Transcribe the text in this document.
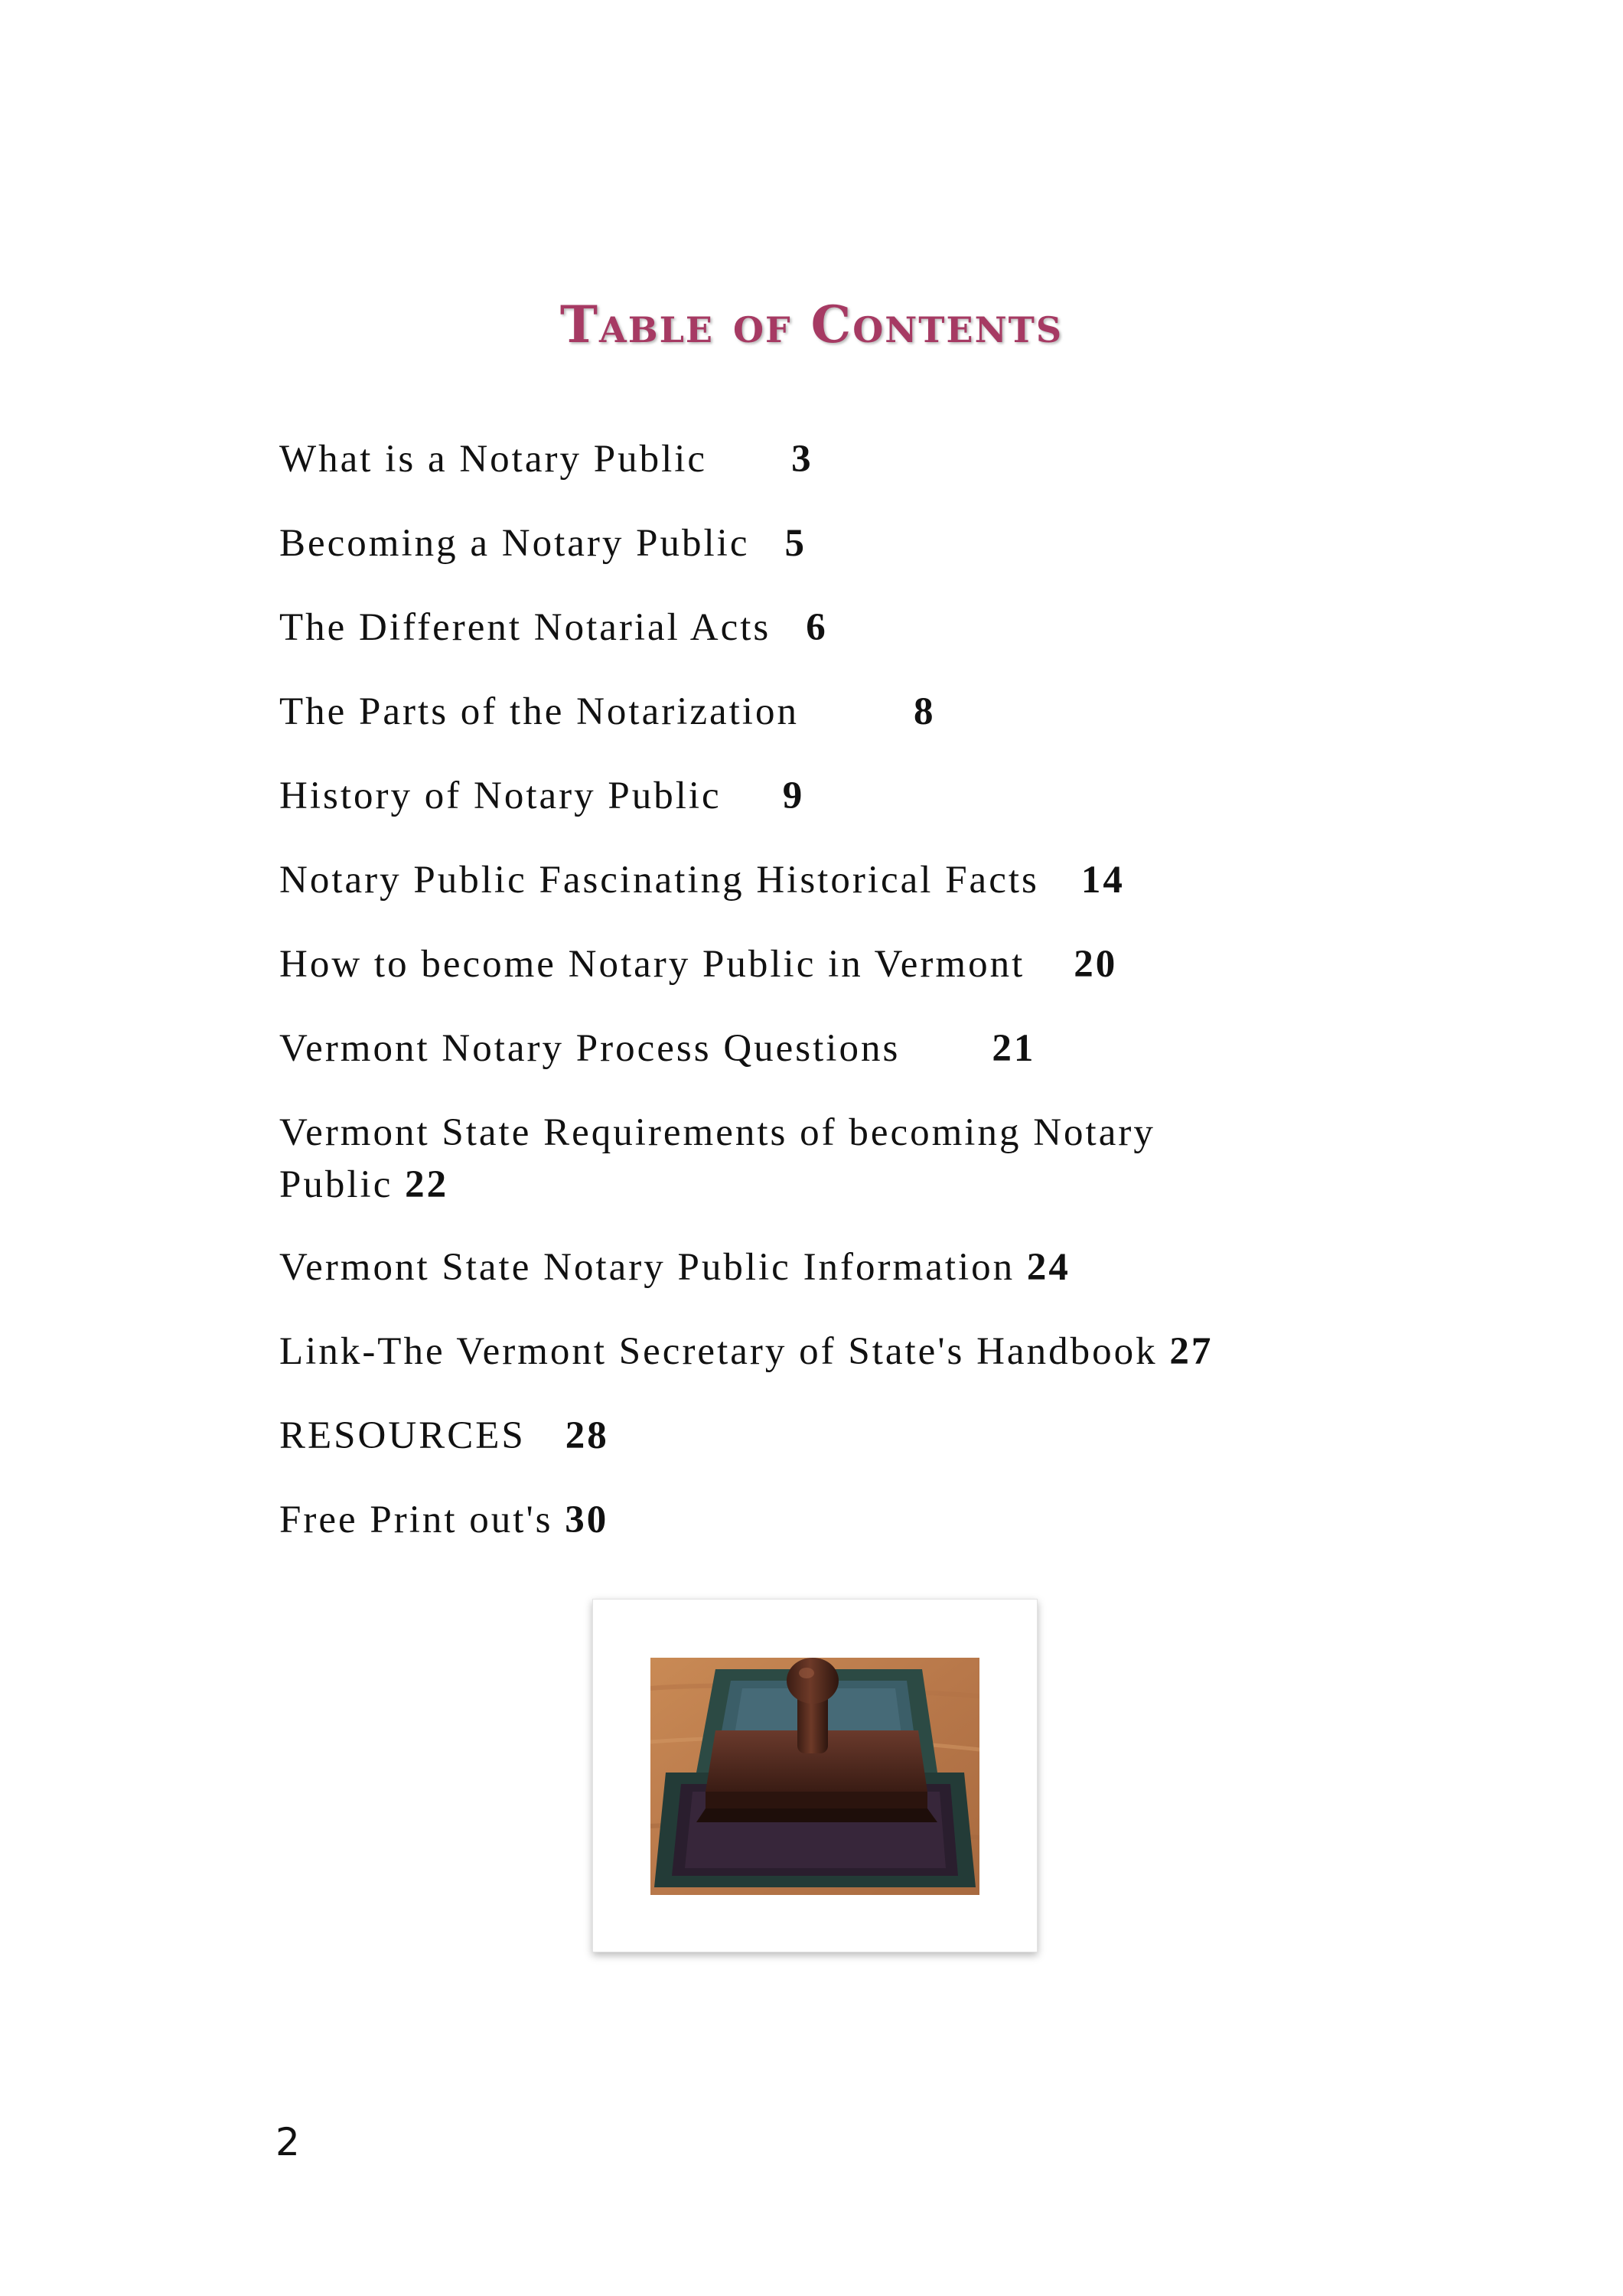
Table of Contents
What is a Notary Public 3
Becoming a Notary Public 5
The Different Notarial Acts 6
The Parts of the Notarization	8
History of Notary Public 9
Notary Public Fascinating Historical Facts 14
How to become Notary Public in Vermont 20
Vermont Notary Process Questions 21
Vermont State Requirements of becoming Notary Public 22
Vermont State Notary Public Information 24
Link-The Vermont Secretary of State's Handbook 27
RESOURCES 28
Free Print out's 30
2
